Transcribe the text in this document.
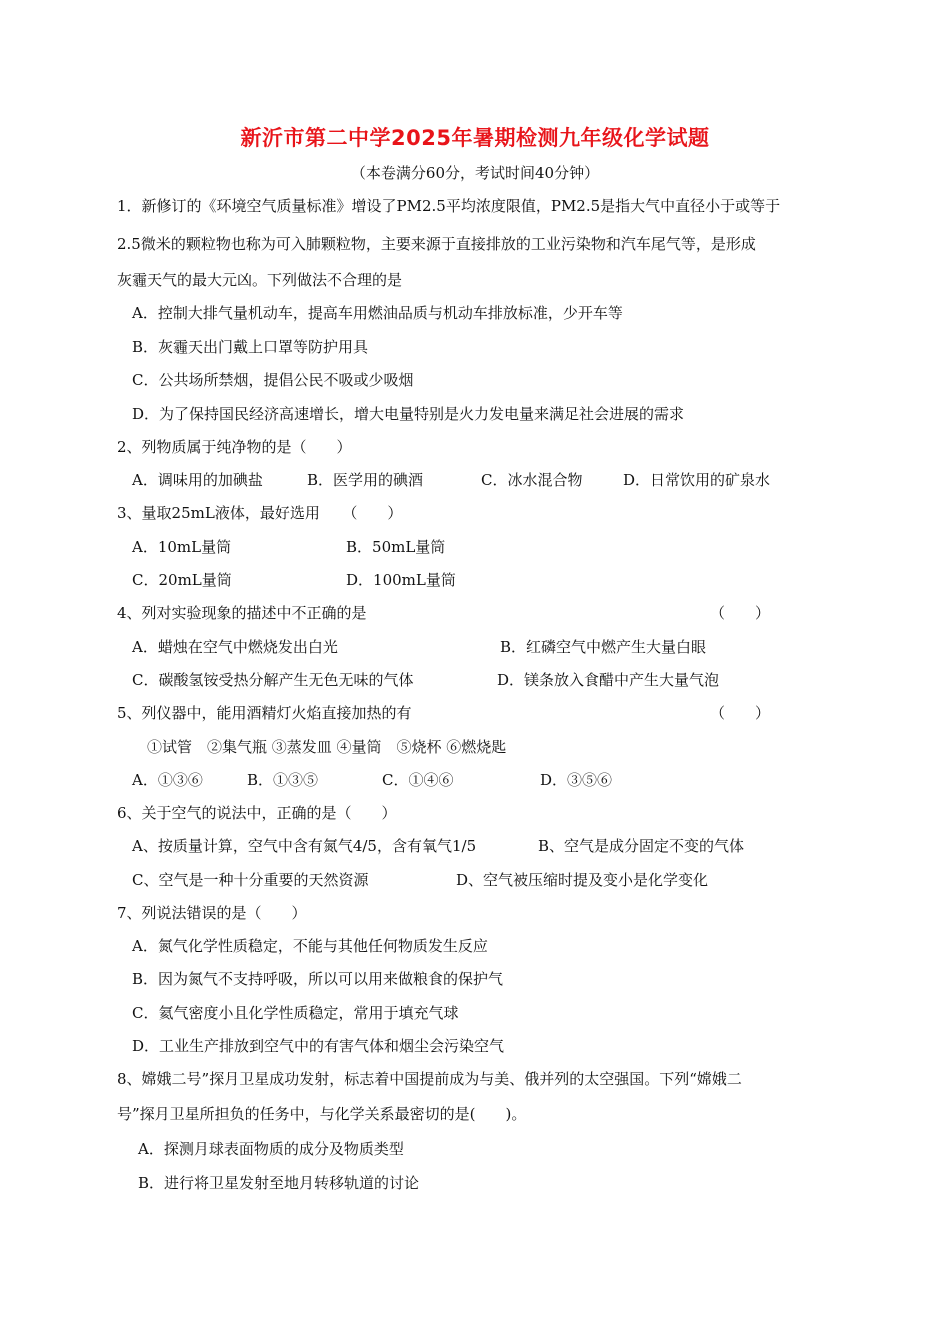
新沂市第二中学2025年暑期检测九年级化学试题
（本卷满分60分，考试时间40分钟）
1．新修订的《环境空气质量标准》增设了PM2.5平均浓度限值，PM2.5是指大气中直径小于或等于
2.5微米的颗粒物也称为可入肺颗粒物，主要来源于直接排放的工业污染物和汽车尾气等，是形成
灰霾天气的最大元凶。下列做法不合理的是
A．控制大排气量机动车，提高车用燃油品质与机动车排放标准，少开车等
B．灰霾天出门戴上口罩等防护用具
C．公共场所禁烟，提倡公民不吸或少吸烟
D．为了保持国民经济高速增长，增大电量特别是火力发电量来满足社会进展的需求
2、列物质属于纯净物的是（　　）
A．调味用的加碘盐	B．医学用的碘酒	C．冰水混合物	D．日常饮用的矿泉水
3、量取25mL液体，最好选用　　（　　）
A．10mL量筒	B．50mL量筒
C．20mL量筒	D．100mL量筒
4、列对实验现象的描述中不正确的是	（　　）
A．蜡烛在空气中燃烧发出白光	B．红磷空气中燃产生大量白眼
C．碳酸氢铵受热分解产生无色无味的气体	D．镁条放入食醋中产生大量气泡
5、列仪器中，能用酒精灯火焰直接加热的有	（　　）
①试管　②集气瓶 ③蒸发皿 ④量筒　⑤烧杯 ⑥燃烧匙
A．①③⑥	B．①③⑤	C．①④⑥	D．③⑤⑥
6、关于空气的说法中，正确的是（　　）
A、按质量计算，空气中含有氮气4/5，含有氧气1/5	B、空气是成分固定不变的气体
C、空气是一种十分重要的天然资源	D、空气被压缩时提及变小是化学变化
7、列说法错误的是（　　）
A．氮气化学性质稳定，不能与其他任何物质发生反应
B．因为氮气不支持呼吸，所以可以用来做粮食的保护气
C．氦气密度小且化学性质稳定，常用于填充气球
D．工业生产排放到空气中的有害气体和烟尘会污染空气
8、嫦娥二号”探月卫星成功发射，标志着中国提前成为与美、俄并列的太空强国。下列“嫦娥二
号”探月卫星所担负的任务中，与化学关系最密切的是(　　)。
A．探测月球表面物质的成分及物质类型
B．进行将卫星发射至地月转移轨道的讨论
